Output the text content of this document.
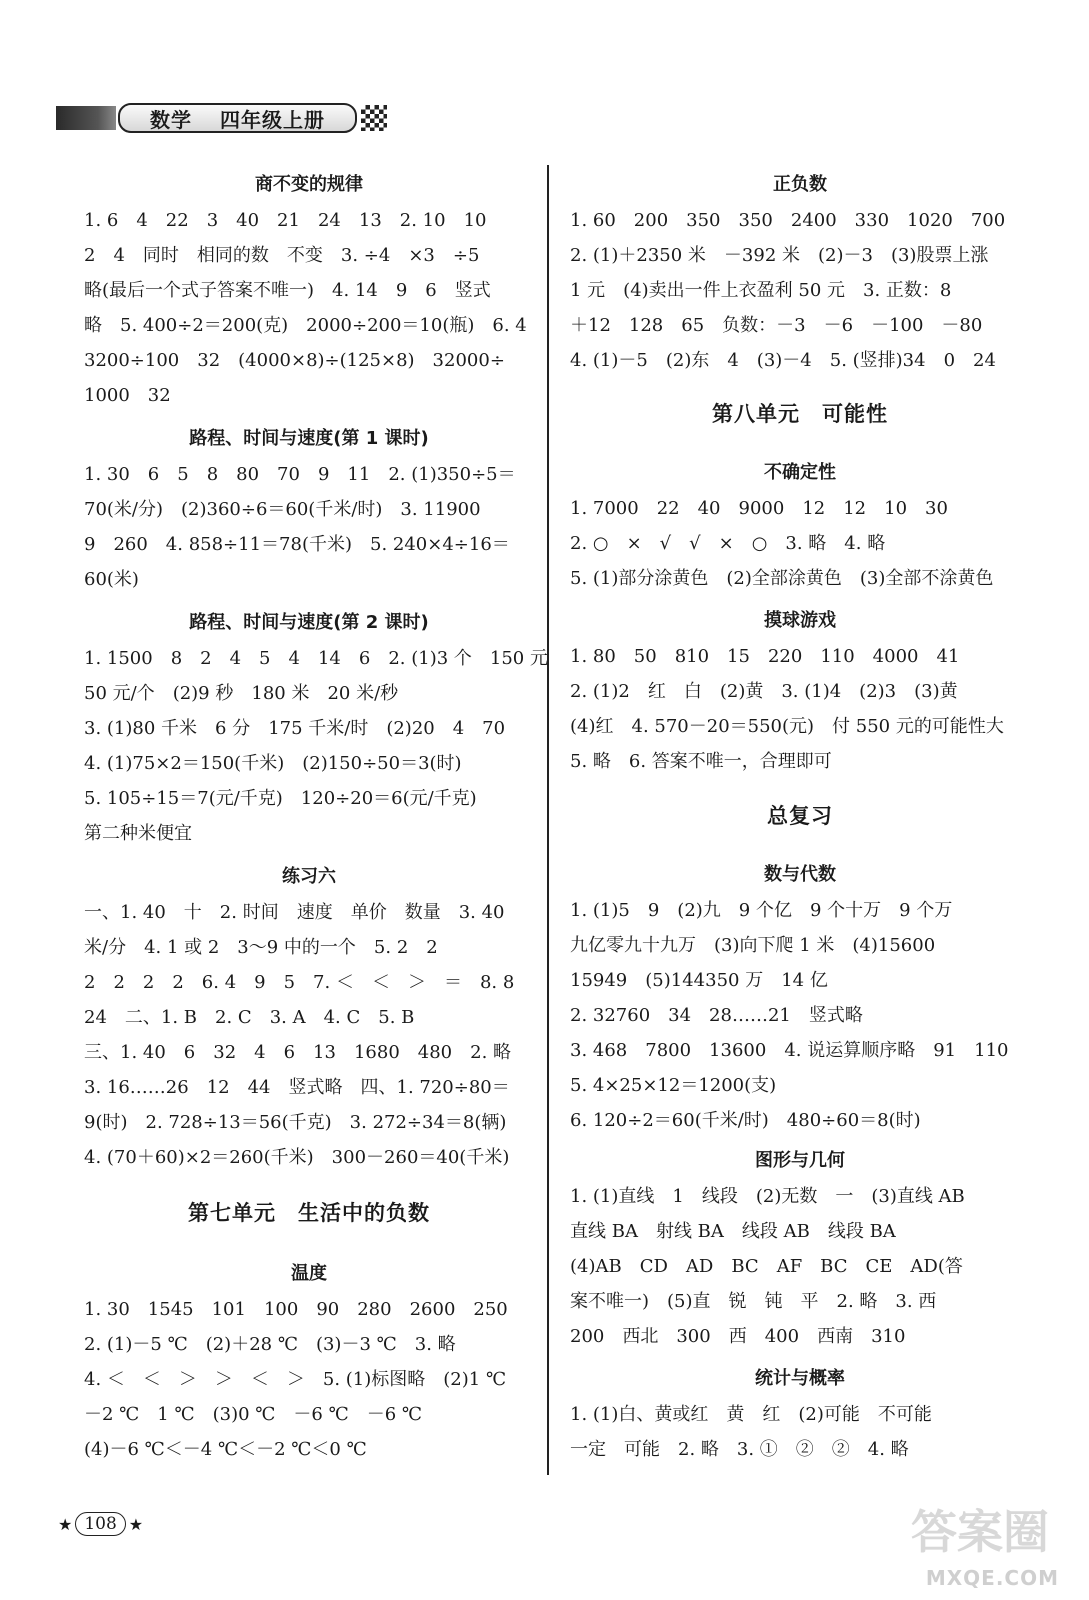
数学 四年级上册
商不变的规律
1. 6　4　22　3　40　21　24　13　2. 10　10
2　4　同时　相同的数　不变　3. ÷4　×3　÷5
略(最后一个式子答案不唯一)　4. 14　9　6　竖式
略　5. 400÷2＝200(克)　2000÷200＝10(瓶)　6. 4
3200÷100　32　(4000×8)÷(125×8)　32000÷
1000　32
路程、时间与速度(第 1 课时)
1. 30　6　5　8　80　70　9　11　2. (1)350÷5＝
70(米/分)　(2)360÷6＝60(千米/时)　3. 11900
9　260　4. 858÷11＝78(千米)　5. 240×4÷16＝
60(米)
路程、时间与速度(第 2 课时)
1. 1500　8　2　4　5　4　14　6　2. (1)3 个　150 元
50 元/个　(2)9 秒　180 米　20 米/秒
3. (1)80 千米　6 分　175 千米/时　(2)20　4　70
4. (1)75×2＝150(千米)　(2)150÷50＝3(时)
5. 105÷15＝7(元/千克)　120÷20＝6(元/千克)
第二种米便宜
练习六
一、1. 40　十　2. 时间　速度　单价　数量　3. 40
米/分　4. 1 或 2　3～9 中的一个　5. 2　2
2　2　2　2　6. 4　9　5　7. ＜　＜　＞　＝　8. 8
24　二、1. B　2. C　3. A　4. C　5. B
三、1. 40　6　32　4　6　13　1680　480　2. 略
3. 16……26　12　44　竖式略　四、1. 720÷80＝
9(时)　2. 728÷13＝56(千克)　3. 272÷34＝8(辆)
4. (70＋60)×2＝260(千米)　300－260＝40(千米)
第七单元　生活中的负数
温度
1. 30　1545　101　100　90　280　2600　250
2. (1)－5 ℃　(2)＋28 ℃　(3)－3 ℃　3. 略
4. ＜　＜　＞　＞　＜　＞　5. (1)标图略　(2)1 ℃
－2 ℃　1 ℃　(3)0 ℃　－6 ℃　－6 ℃
(4)－6 ℃＜－4 ℃＜－2 ℃＜0 ℃
正负数
1. 60　200　350　350　2400　330　1020　700
2. (1)＋2350 米　－392 米　(2)－3　(3)股票上涨
1 元　(4)卖出一件上衣盈利 50 元　3. 正数：8
＋12　128　65　负数：－3　－6　－100　－80
4. (1)－5　(2)东　4　(3)－4　5. (竖排)34　0　24
第八单元　可能性
不确定性
1. 7000　22　40　9000　12　12　10　30
2. ○　×　√　√　×　○　3. 略　4. 略
5. (1)部分涂黄色　(2)全部涂黄色　(3)全部不涂黄色
摸球游戏
1. 80　50　810　15　220　110　4000　41
2. (1)2　红　白　(2)黄　3. (1)4　(2)3　(3)黄
(4)红　4. 570－20＝550(元)　付 550 元的可能性大
5. 略　6. 答案不唯一，合理即可
总复习
数与代数
1. (1)5　9　(2)九　9 个亿　9 个十万　9 个万
九亿零九十九万　(3)向下爬 1 米　(4)15600
15949　(5)144350 万　14 亿
2. 32760　34　28……21　竖式略
3. 468　7800　13600　4. 说运算顺序略　91　110
5. 4×25×12＝1200(支)
6. 120÷2＝60(千米/时)　480÷60＝8(时)
图形与几何
1. (1)直线　1　线段　(2)无数　一　(3)直线 AB
直线 BA　射线 BA　线段 AB　线段 BA
(4)AB　CD　AD　BC　AF　BC　CE　AD(答
案不唯一)　(5)直　锐　钝　平　2. 略　3. 西
200　西北　300　西　400　西南　310
统计与概率
1. (1)白、黄或红　黄　红　(2)可能　不可能
一定　可能　2. 略　3. ①　②　②　4. 略
★ 108 ★	答案圈
MXQE.COM
